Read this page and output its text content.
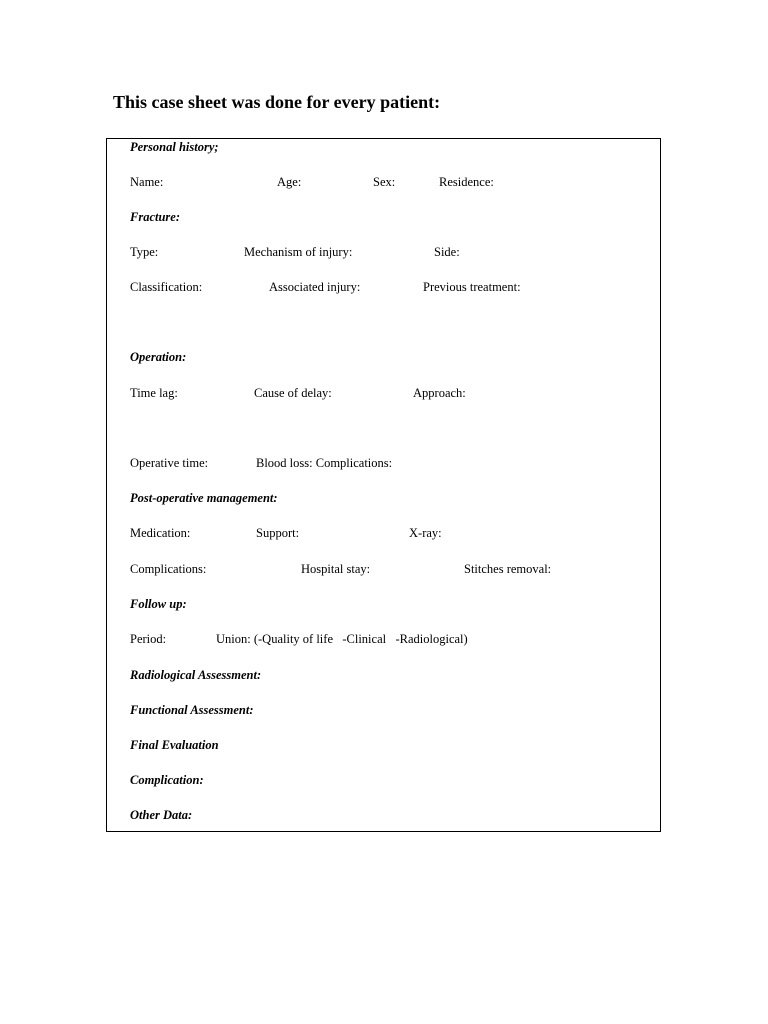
This case sheet was done for every patient:
Personal history;
Name:	Age:	Sex:	Residence:
Fracture:
Type:	Mechanism of injury:	Side:
Classification:	Associated injury:	Previous treatment:
Operation:
Time lag:	Cause of delay:	Approach:
Operative time:	Blood loss: Complications:
Post-operative management:
Medication:	Support:	X-ray:
Complications:	Hospital stay:	Stitches removal:
Follow up:
Period:	Union: (-Quality of life   -Clinical   -Radiological)
Radiological Assessment:
Functional Assessment:
Final Evaluation
Complication:
Other Data:
